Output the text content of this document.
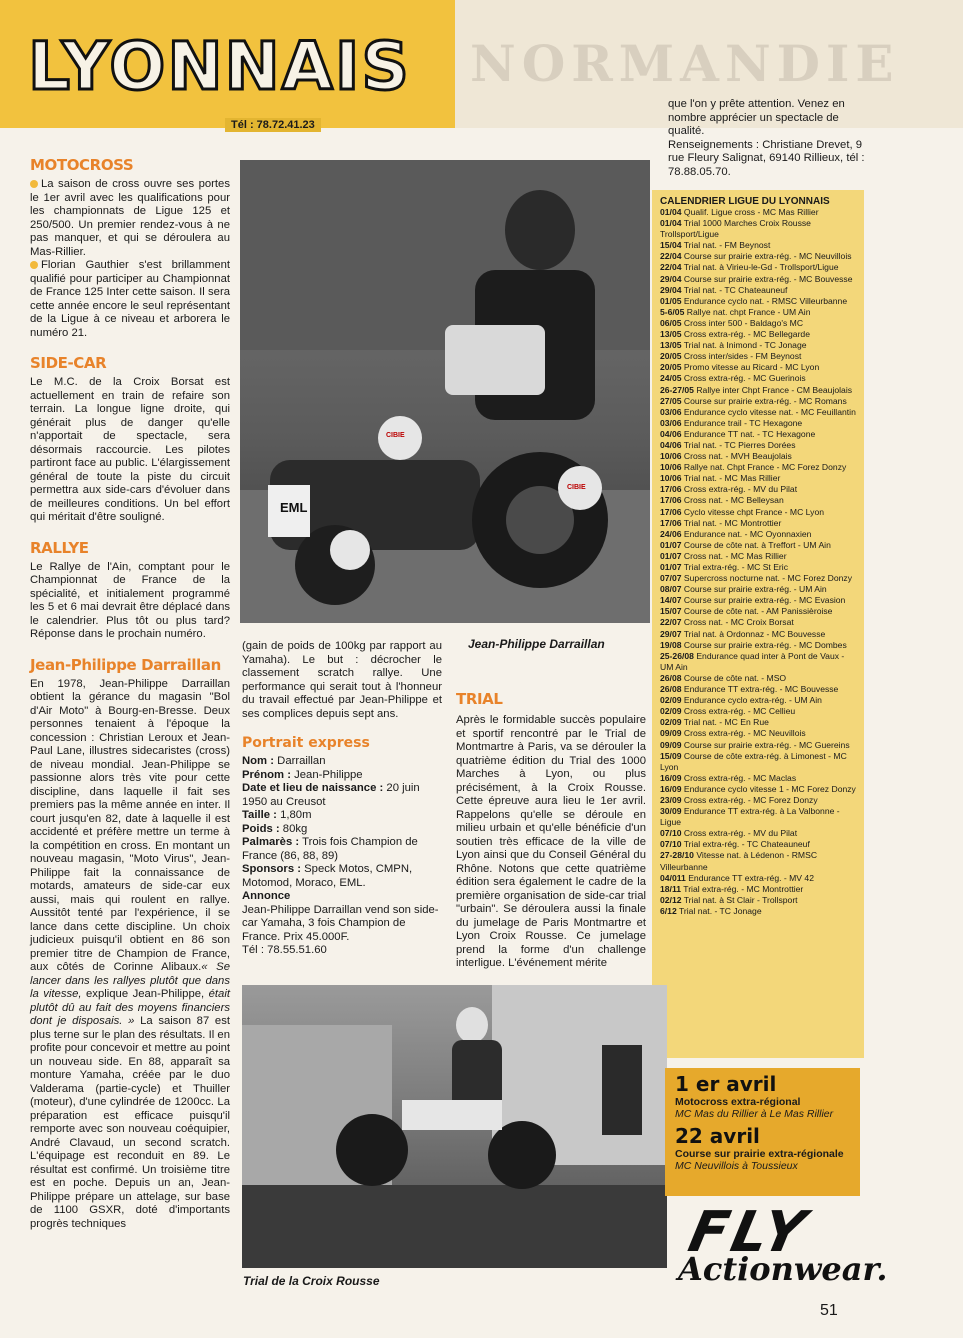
NORMANDIE
LYONNAIS
Tél : 78.72.41.23
MOTOCROSS

La saison de cross ouvre ses portes le 1er avril avec les qualifications pour les championnats de Ligue 125 et 250/500. Un premier rendez-vous à ne pas manquer, et qui se déroulera au Mas-Rillier.

Florian Gauthier s'est brillamment qualifié pour participer au Championnat de France 125 Inter cette saison. Il sera cette année encore le seul représentant de la Ligue à ce niveau et arborera le numéro 21.

SIDE-CAR
Le M.C. de la Croix Borsat est actuellement en train de refaire son terrain. La longue ligne droite, qui générait plus de danger qu'elle n'apportait de spectacle, sera désormais raccourcie. Les pilotes partiront face au public. L'élargissement général de toute la piste du circuit permettra aux side-cars d'évoluer dans de meilleures conditions. Un bel effort qui méritait d'être souligné.
RALLYE
Le Rallye de l'Ain, comptant pour le Championnat de France de la spécialité, et initialement programmé les 5 et 6 mai devrait être déplacé dans le calendrier. Plus tôt ou plus tard? Réponse dans le prochain numéro.
Jean-Philippe Darraillan

En 1978, Jean-Philippe Darraillan obtient la gérance du magasin "Bol d'Air Moto" à Bourg-en-Bresse. Deux personnes tenaient à l'époque la concession : Christian Leroux et Jean-Paul Lane, illustres sidecaristes (cross) de niveau mondial. Jean-Philippe se passionne alors très vite pour cette discipline, dans laquelle il fait ses premiers pas la même année en inter. Il court jusqu'en 82, date à laquelle il est accidenté et préfère mettre un terme à la compétition en cross. En montant un nouveau magasin, "Moto Virus", Jean-Philippe fait la connaissance de motards, amateurs de side-car eux aussi, mais qui roulent en rallye. Aussitôt tenté par l'expérience, il se lance dans cette discipline. Un choix judicieux puisqu'il obtient en 86 son premier titre de Champion de France, aux côtés de Corinne Alibaux.« Se lancer dans les rallyes plutôt que dans la vitesse, explique Jean-Philippe, était plutôt dû au fait des moyens financiers dont je disposais. » La saison 87 est plus terne sur le plan des résultats. Il en profite pour concevoir et mettre au point un nouveau side. En 88, apparaît sa monture Yamaha, créée par le duo Valderama (partie-cycle) et Thuiller (moteur), d'une cylindrée de 1200cc. La préparation est efficace puisqu'il remporte avec son nouveau coéquipier, André Clavaud, un second scratch. L'équipage est reconduit en 89. Le résultat est confirmé. Un troisième titre est en poche. Depuis un an, Jean-Philippe prépare un attelage, sur base de 1100 GSXR, doté d'importants progrès techniques

EML
CIBIE
CIBIE
Jean-Philippe Darraillan
(gain de poids de 100kg par rapport au Yamaha). Le but : décrocher le classement scratch rallye. Une performance qui serait tout à l'honneur du travail effectué par Jean-Philippe et ses complices depuis sept ans.
Portrait express

Nom : Darraillan

Prénom : Jean-Philippe

Date et lieu de naissance : 20 juin 1950 au Creusot

Taille : 1,80m

Poids : 80kg

Palmarès : Trois fois Champion de France (86, 88, 89)

Sponsors : Speck Motos, CMPN, Motomod, Moraco, EML.

Annonce

Jean-Philippe Darraillan vend son side-car Yamaha, 3 fois Champion de France. Prix 45.000F.

Tél : 78.55.51.60

TRIAL
Après le formidable succès populaire et sportif rencontré par le Trial de Montmartre à Paris, va se dérouler la quatrième édition du Trial des 1000 Marches à Lyon, ou plus précisément, à la Croix Rousse. Cette épreuve aura lieu le 1er avril. Rappelons qu'elle se déroule en milieu urbain et qu'elle bénéficie d'un soutien très efficace de la ville de Lyon ainsi que du Conseil Général du Rhône. Notons que cette quatrième édition sera également le cadre de la première organisation de side-car trial "urbain". Se déroulera aussi la finale du jumelage de Paris Montmartre et Lyon Croix Rousse. Ce jumelage prend la forme d'un challenge interligue. L'événement mérite

que l'on y prête attention. Venez en nombre apprécier un spectacle de qualité.

Renseignements : Christiane Drevet, 9 rue Fleury Salignat, 69140 Rillieux, tél : 78.88.05.70.

CALENDRIER LIGUE DU LYONNAIS
01/04 Qualif. Ligue cross - MC Mas Rillier
01/04 Trial 1000 Marches Croix Rousse Trollsport/Ligue
15/04 Trial nat. - FM Beynost
22/04 Course sur prairie extra-rég. - MC Neuvillois
22/04 Trial nat. à Virieu-le-Gd - Trollsport/Ligue
29/04 Course sur prairie extra-rég. - MC Bouvesse
29/04 Trial nat. - TC Chateauneuf
01/05 Endurance cyclo nat. - RMSC Villeurbanne
5-6/05 Rallye nat. chpt France - UM Ain
06/05 Cross inter 500 - Baldago's MC
13/05 Cross extra-rég. - MC Bellegarde
13/05 Trial nat. à Inimond - TC Jonage
20/05 Cross inter/sides - FM Beynost
20/05 Promo vitesse au Ricard - MC Lyon
24/05 Cross extra-rég. - MC Guerinois
26-27/05 Rallye inter Chpt France - CM Beaujolais
27/05 Course sur prairie extra-rég. - MC Romans
03/06 Endurance cyclo vitesse nat. - MC Feuillantin
03/06 Endurance trail - TC Hexagone
04/06 Endurance TT nat. - TC Hexagone
04/06 Trial nat. - TC Pierres Dorées
10/06 Cross nat. - MVH Beaujolais
10/06 Rallye nat. Chpt France - MC Forez Donzy
10/06 Trial nat. - MC Mas Rillier
17/06 Cross extra-rég. - MV du Pilat
17/06 Cross nat. - MC Belleysan
17/06 Cyclo vitesse chpt France - MC Lyon
17/06 Trial nat. - MC Montrottier
24/06 Endurance nat. - MC Oyonnaxien
01/07 Course de côte nat. à Treffort - UM Ain
01/07 Cross nat. - MC Mas Rillier
01/07 Trial extra-rég. - MC St Eric
07/07 Supercross nocturne nat. - MC Forez Donzy
08/07 Course sur prairie extra-rég. - UM Ain
14/07 Course sur prairie extra-rég. - MC Evasion
15/07 Course de côte nat. - AM Panissièroise
22/07 Cross nat. - MC Croix Borsat
29/07 Trial nat. à Ordonnaz - MC Bouvesse
19/08 Course sur prairie extra-rég. - MC Dombes
25-26/08 Endurance quad inter à Pont de Vaux - UM Ain
26/08 Course de côte nat. - MSO
26/08 Endurance TT extra-rég. - MC Bouvesse
02/09 Endurance cyclo extra-rég. - UM Ain
02/09 Cross extra-rég. - MC Cellieu
02/09 Trial nat. - MC En Rue
09/09 Cross extra-rég. - MC Neuvillois
09/09 Course sur prairie extra-rég. - MC Guereins
15/09 Course de côte extra-rég. à Limonest - MC Lyon
16/09 Cross extra-rég. - MC Maclas
16/09 Endurance cyclo vitesse 1 - MC Forez Donzy
23/09 Cross extra-rég. - MC Forez Donzy
30/09 Endurance TT extra-rég. à La Valbonne - Ligue
07/10 Cross extra-rég. - MV du Pilat
07/10 Trial extra-rég. - TC Chateauneuf
27-28/10 Vitesse nat. à Lédenon - RMSC Villeurbanne
04/011 Endurance TT extra-rég. - MV 42
18/11 Trial extra-rég. - MC Montrottier
02/12 Trial nat. à St Clair - Trollsport
6/12 Trial nat. - TC Jonage
Trial de la Croix Rousse
1 er avril
Motocross extra-régional
MC Mas du Rillier à Le Mas Rillier
22 avril
Course sur prairie extra-régionale
MC Neuvillois à Toussieux
FLY
Actionwear.
51
